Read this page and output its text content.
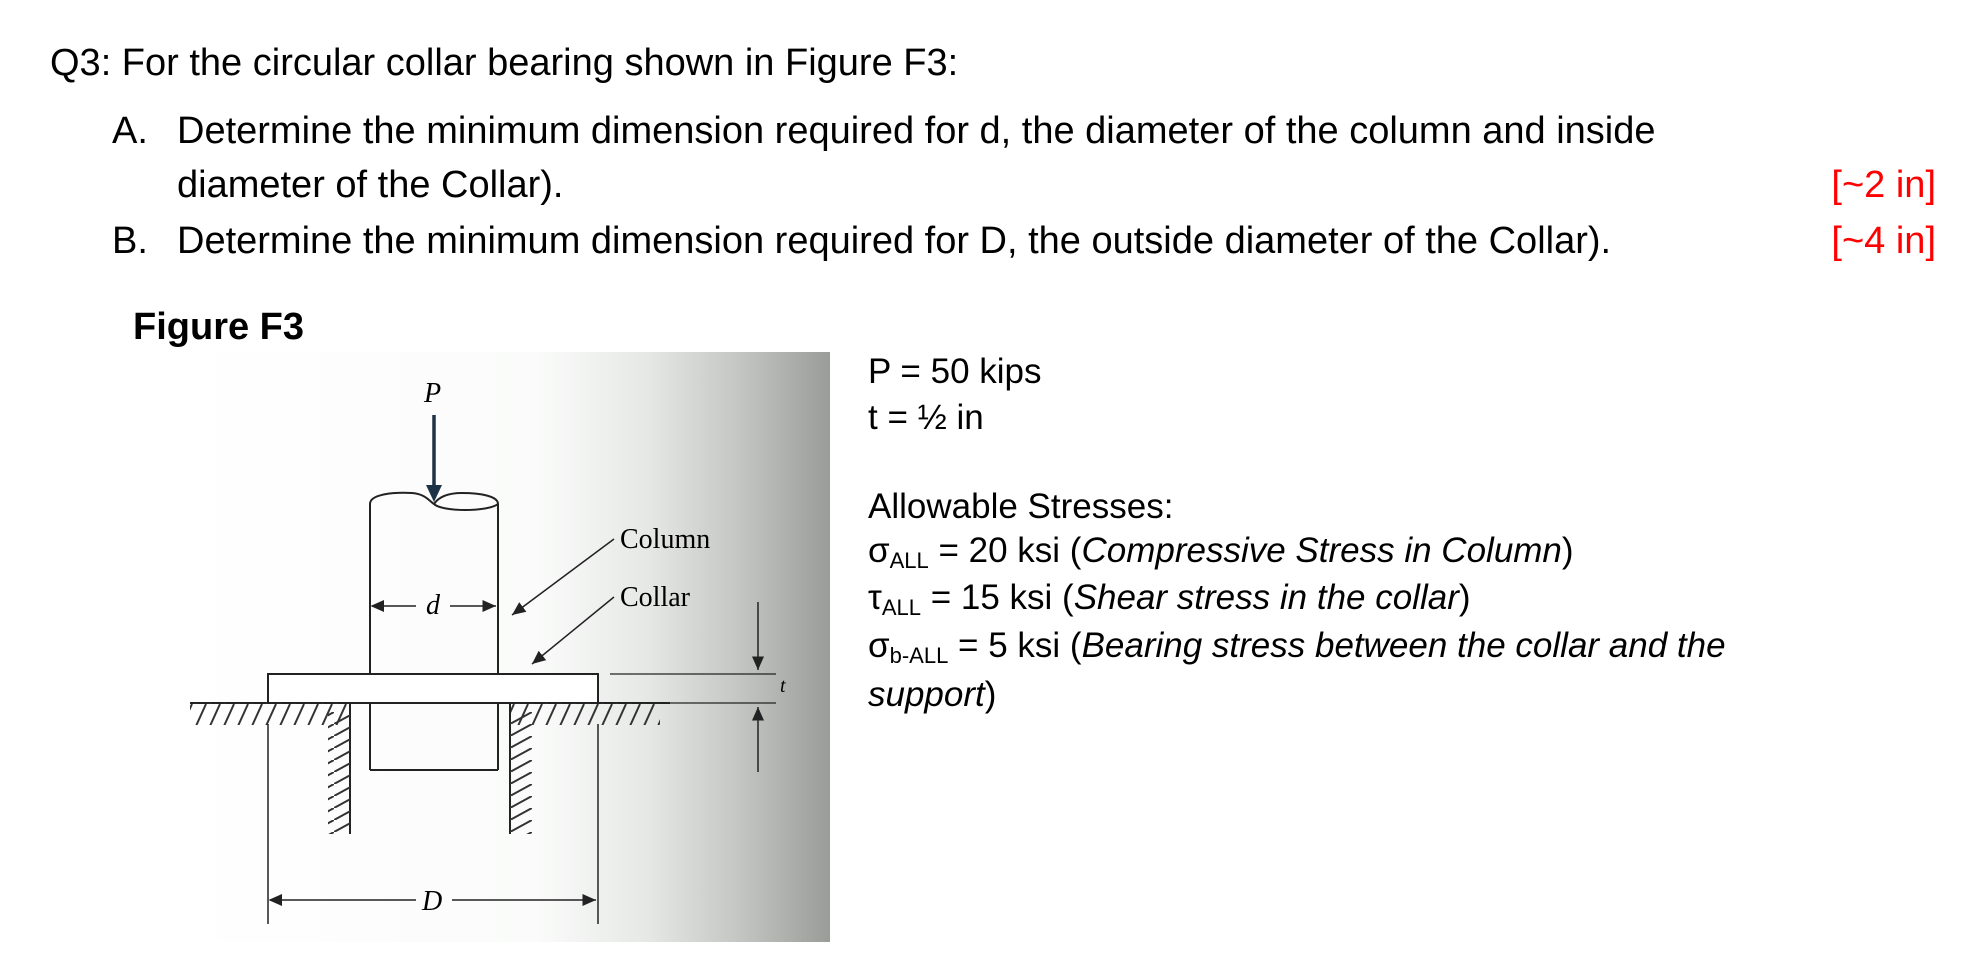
Q3: For the circular collar bearing shown in Figure F3:
A. Determine the minimum dimension required for d, the diameter of the column and inside
diameter of the Collar).	[~2 in]
B. Determine the minimum dimension required for D, the outside diameter of the Collar).	[~4 in]
Figure F3
P
d
D
Column
Collar
t
P = 50 kips
t = ½ in
Allowable Stresses:
σALL = 20 ksi (Compressive Stress in Column)
τALL = 15 ksi (Shear stress in the collar)
σb-ALL = 5 ksi (Bearing stress between the collar and the
support)
